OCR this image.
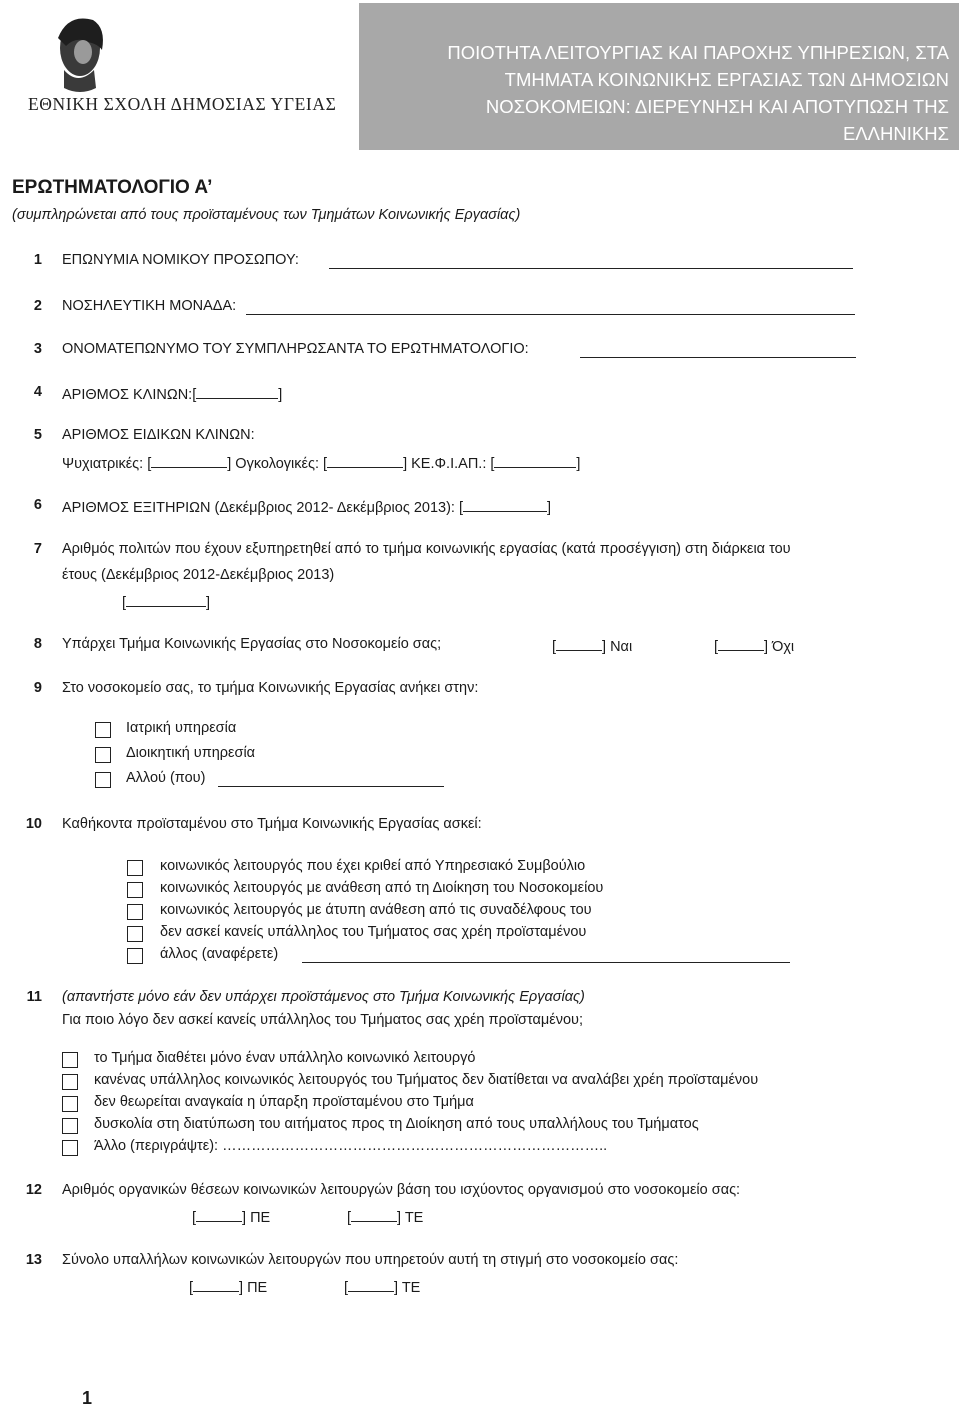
ΕΘΝΙΚΗ ΣΧΟΛΗ ΔΗΜΟΣΙΑΣ ΥΓΕΙΑΣ
ΠΟΙΟΤΗΤΑ ΛΕΙΤΟΥΡΓΙΑΣ ΚΑΙ ΠΑΡΟΧΗΣ ΥΠΗΡΕΣΙΩΝ, ΣΤΑ
ΤΜΗΜΑΤΑ ΚΟΙΝΩΝΙΚΗΣ ΕΡΓΑΣΙΑΣ ΤΩΝ ΔΗΜΟΣΙΩΝ
ΝΟΣΟΚΟΜΕΙΩΝ: ΔΙΕΡΕΥΝΗΣΗ ΚΑΙ ΑΠΟΤΥΠΩΣΗ ΤΗΣ ΕΛΛΗΝΙΚΗΣ
ΠΡΑΓΜΑΤΙΚΟΤΗΤΑΣ
ΕΡΩΤΗΜΑΤΟΛΟΓΙΟ Α’
(συμπληρώνεται από τους προϊσταμένους των Τμημάτων Κοινωνικής Εργασίας)
1 ΕΠΩΝΥΜΙΑ ΝΟΜΙΚΟΥ ΠΡΟΣΩΠΟΥ:
2 ΝΟΣΗΛΕΥΤΙΚΗ ΜΟΝΑΔΑ:
3 ΟΝΟΜΑΤΕΠΩΝΥΜΟ ΤΟΥ ΣΥΜΠΛΗΡΩΣΑΝΤΑ ΤΟ ΕΡΩΤΗΜΑΤΟΛΟΓΙΟ:
4 ΑΡΙΘΜΟΣ ΚΛΙΝΩΝ:[	]
5 ΑΡΙΘΜΟΣ ΕΙΔΙΚΩΝ ΚΛΙΝΩΝ:
Ψυχιατρικές: [	] Ογκολογικές: [	] ΚΕ.Φ.Ι.ΑΠ.: [	]
6 ΑΡΙΘΜΟΣ ΕΞΙΤΗΡΙΩΝ (Δεκέμβριος 2012- Δεκέμβριος 2013): [	]
7 Αριθμός πολιτών που έχουν εξυπηρετηθεί από το τμήμα κοινωνικής εργασίας (κατά προσέγγιση) στη διάρκεια του
έτους (Δεκέμβριος 2012-Δεκέμβριος 2013)
[	]
8 Υπάρχει Τμήμα Κοινωνικής Εργασίας στο Νοσοκομείο σας;	[	] Ναι	[	] Όχι
9 Στο νοσοκομείο σας, το τμήμα Κοινωνικής Εργασίας ανήκει στην:
Ιατρική υπηρεσία
Διοικητική υπηρεσία
Αλλού (που)
10 Καθήκοντα προϊσταμένου στο Τμήμα Κοινωνικής Εργασίας ασκεί:
κοινωνικός λειτουργός που έχει κριθεί από Υπηρεσιακό Συμβούλιο
κοινωνικός λειτουργός με ανάθεση από τη Διοίκηση του Νοσοκομείου
κοινωνικός λειτουργός με άτυπη ανάθεση από τις συναδέλφους του
δεν ασκεί κανείς υπάλληλος του Τμήματος σας χρέη προϊσταμένου
άλλος (αναφέρετε)
11 (απαντήστε μόνο εάν δεν υπάρχει προϊστάμενος στο Τμήμα Κοινωνικής Εργασίας)
Για ποιο λόγο δεν ασκεί κανείς υπάλληλος του Τμήματος σας χρέη προϊσταμένου;
το Τμήμα διαθέτει μόνο έναν υπάλληλο κοινωνικό λειτουργό
κανένας υπάλληλος κοινωνικός λειτουργός του Τμήματος δεν διατίθεται να αναλάβει χρέη προϊσταμένου
δεν θεωρείται αναγκαία η ύπαρξη προϊσταμένου στο Τμήμα
δυσκολία στη διατύπωση του αιτήματος προς τη Διοίκηση από τους υπαλλήλους του Τμήματος
Άλλο (περιγράψτε): ……………………………………………………………………..
12 Αριθμός οργανικών θέσεων κοινωνικών λειτουργών βάση του ισχύοντος οργανισμού στο νοσοκομείο σας:
[	] ΠΕ	[	] ΤΕ
13 Σύνολο υπαλλήλων κοινωνικών λειτουργών που υπηρετούν αυτή τη στιγμή στο νοσοκομείο σας:
[	] ΠΕ	[	] ΤΕ
1
